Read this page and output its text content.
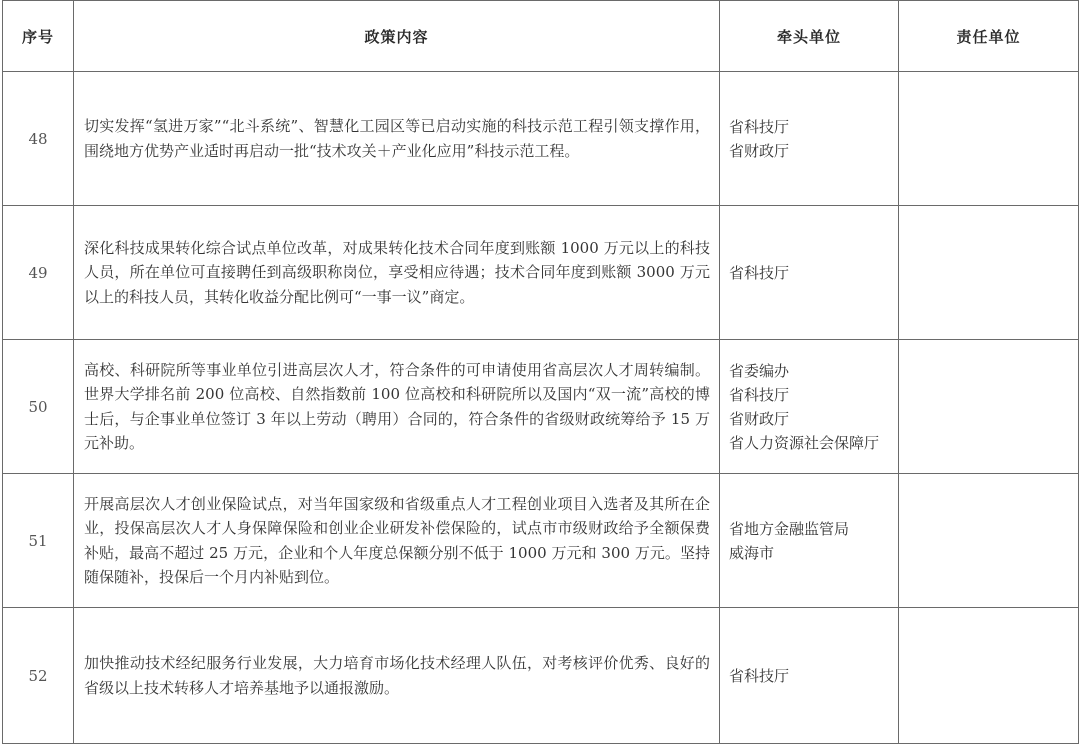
序号	政策内容	牵头单位	责任单位
48	切实发挥“氢进万家”“北斗系统”、智慧化工园区等已启动实施的科技示范工程引领支撑作用，围绕地方优势产业适时再启动一批“技术攻关＋产业化应用”科技示范工程。	省科技厅
省财政厅	

49	深化科技成果转化综合试点单位改革，对成果转化技术合同年度到账额 1000 万元以上的科技人员，所在单位可直接聘任到高级职称岗位，享受相应待遇；技术合同年度到账额 3000 万元以上的科技人员，其转化收益分配比例可“一事一议”商定。	省科技厅	

50	高校、科研院所等事业单位引进高层次人才，符合条件的可申请使用省高层次人才周转编制。世界大学排名前 200 位高校、自然指数前 100 位高校和科研院所以及国内“双一流”高校的博士后，与企事业单位签订 3 年以上劳动（聘用）合同的，符合条件的省级财政统筹给予 15 万元补助。	省委编办
省科技厅
省财政厅
省人力资源社会保障厅	

51	开展高层次人才创业保险试点，对当年国家级和省级重点人才工程创业项目入选者及其所在企业，投保高层次人才人身保障保险和创业企业研发补偿保险的，试点市市级财政给予全额保费补贴，最高不超过 25 万元，企业和个人年度总保额分别不低于 1000 万元和 300 万元。坚持随保随补，投保后一个月内补贴到位。	省地方金融监管局
威海市	

52	加快推动技术经纪服务行业发展，大力培育市场化技术经理人队伍，对考核评价优秀、良好的省级以上技术转移人才培养基地予以通报激励。	省科技厅	
